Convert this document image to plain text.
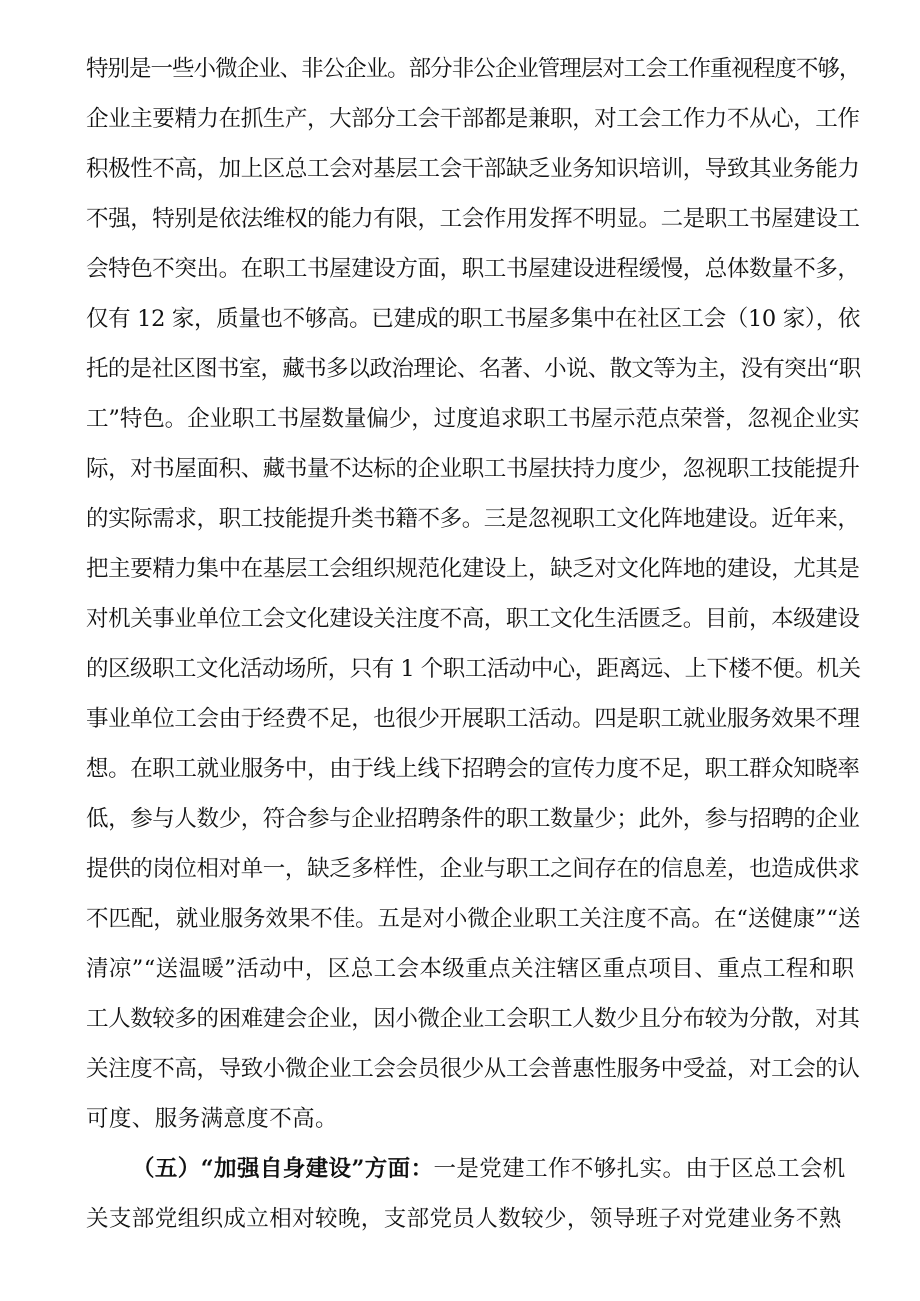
特别是一些小微企业、非公企业。部分非公企业管理层对工会工作重视程度不够，
企业主要精力在抓生产，大部分工会干部都是兼职，对工会工作力不从心，工作
积极性不高，加上区总工会对基层工会干部缺乏业务知识培训，导致其业务能力
不强，特别是依法维权的能力有限，工会作用发挥不明显。二是职工书屋建设工
会特色不突出。在职工书屋建设方面，职工书屋建设进程缓慢，总体数量不多，
仅有 12 家，质量也不够高。已建成的职工书屋多集中在社区工会（10 家），依
托的是社区图书室，藏书多以政治理论、名著、小说、散文等为主，没有突出“职
工”特色。企业职工书屋数量偏少，过度追求职工书屋示范点荣誉，忽视企业实
际，对书屋面积、藏书量不达标的企业职工书屋扶持力度少，忽视职工技能提升
的实际需求，职工技能提升类书籍不多。三是忽视职工文化阵地建设。近年来，
把主要精力集中在基层工会组织规范化建设上，缺乏对文化阵地的建设，尤其是
对机关事业单位工会文化建设关注度不高，职工文化生活匮乏。目前，本级建设
的区级职工文化活动场所，只有 1 个职工活动中心，距离远、上下楼不便。机关
事业单位工会由于经费不足，也很少开展职工活动。四是职工就业服务效果不理
想。在职工就业服务中，由于线上线下招聘会的宣传力度不足，职工群众知晓率
低，参与人数少，符合参与企业招聘条件的职工数量少；此外，参与招聘的企业
提供的岗位相对单一，缺乏多样性，企业与职工之间存在的信息差，也造成供求
不匹配，就业服务效果不佳。五是对小微企业职工关注度不高。在“送健康”“送
清凉”“送温暖”活动中，区总工会本级重点关注辖区重点项目、重点工程和职
工人数较多的困难建会企业，因小微企业工会职工人数少且分布较为分散，对其
关注度不高，导致小微企业工会会员很少从工会普惠性服务中受益，对工会的认
可度、服务满意度不高。
（五）“加强自身建设”方面：一是党建工作不够扎实。由于区总工会机
关支部党组织成立相对较晚，支部党员人数较少，领导班子对党建业务不熟
